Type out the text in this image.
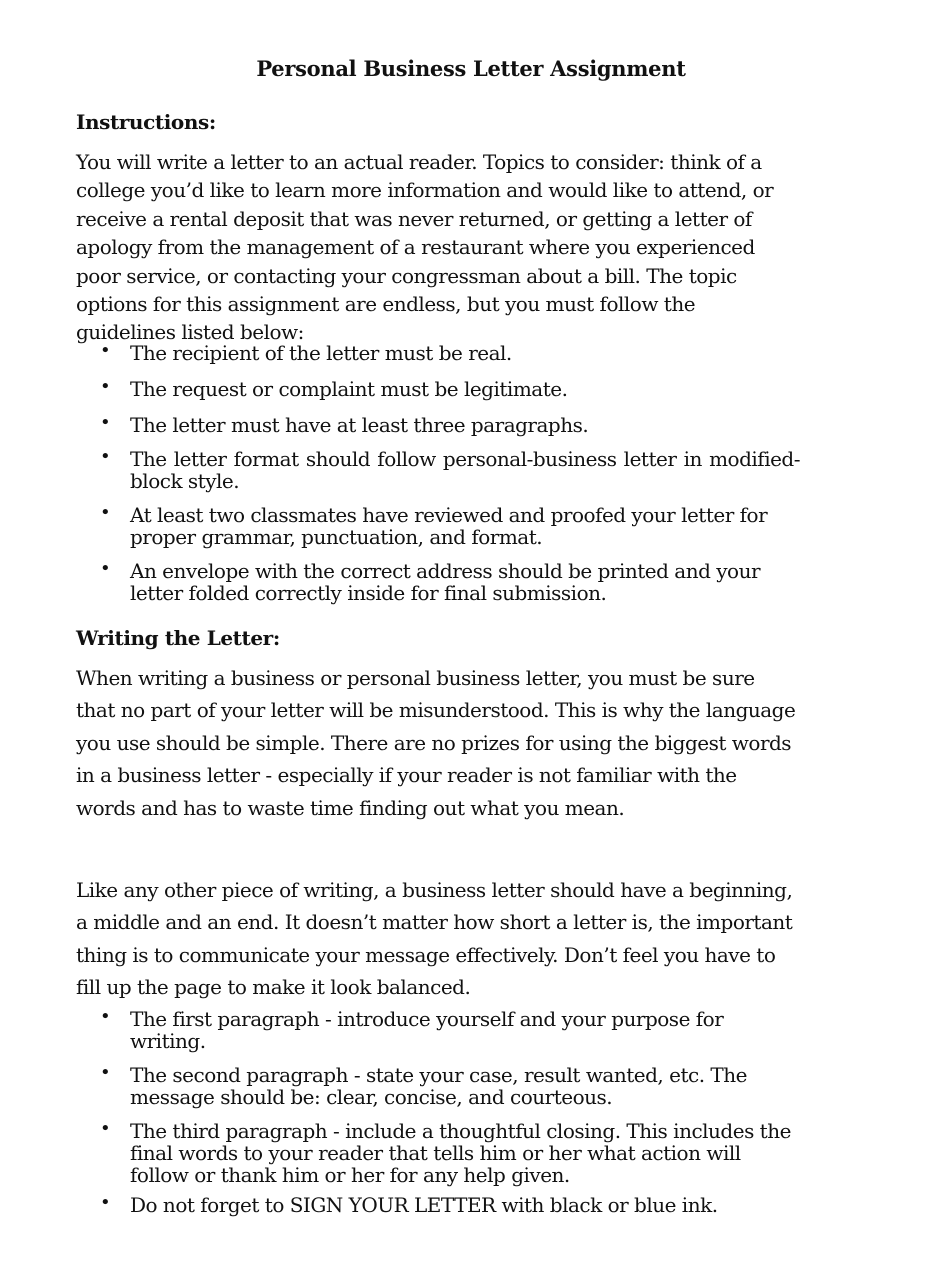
Personal Business Letter Assignment
Instructions:

You will write a letter to an actual reader. Topics to consider: think of a college you’d like to learn more information and would like to attend, or receive a rental deposit that was never returned, or getting a letter of apology from the management of a restaurant where you experienced poor service, or contacting your congressman about a bill. The topic options for this assignment are endless, but you must follow the guidelines listed below:

• The recipient of the letter must be real.
• The request or complaint must be legitimate.
• The letter must have at least three paragraphs.
• The letter format should follow personal-business letter in modified-block style.
• At least two classmates have reviewed and proofed your letter for proper grammar, punctuation, and format.
• An envelope with the correct address should be printed and your letter folded correctly inside for final submission.
Writing the Letter:

When writing a business or personal business letter, you must be sure that no part of your letter will be misunderstood. This is why the language you use should be simple. There are no prizes for using the biggest words in a business letter - especially if your reader is not familiar with the words and has to waste time finding out what you mean.

Like any other piece of writing, a business letter should have a beginning, a middle and an end. It doesn’t matter how short a letter is, the important thing is to communicate your message effectively. Don’t feel you have to fill up the page to make it look balanced.

• The first paragraph - introduce yourself and your purpose for writing.
• The second paragraph - state your case, result wanted, etc. The message should be: clear, concise, and courteous.
• The third paragraph - include a thoughtful closing. This includes the final words to your reader that tells him or her what action will follow or thank him or her for any help given.
• Do not forget to SIGN YOUR LETTER with black or blue ink.
